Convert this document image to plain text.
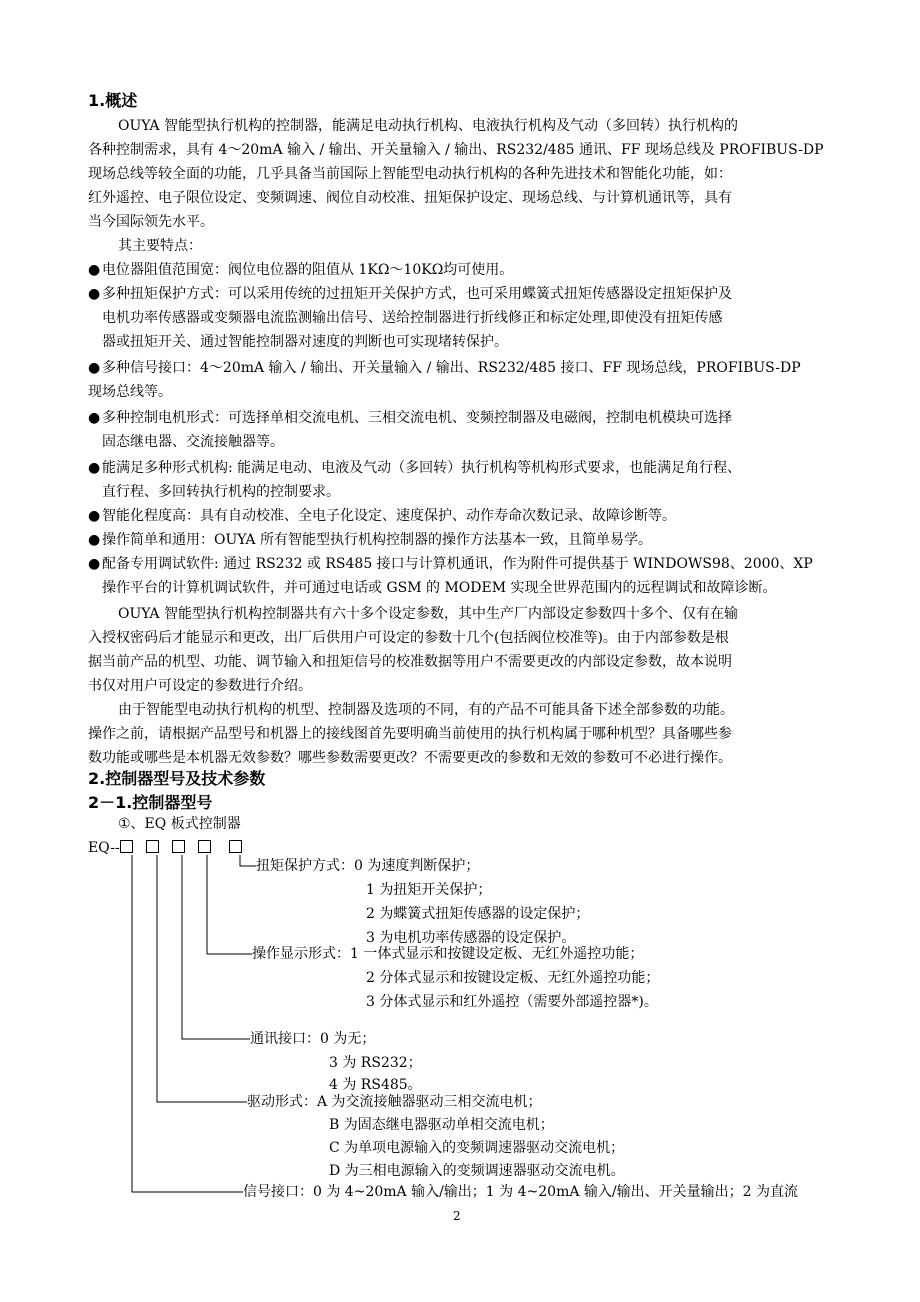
1.概述
OUYA 智能型执行机构的控制器，能满足电动执行机构、电液执行机构及气动（多回转）执行机构的
各种控制需求，具有 4～20mA 输入 / 输出、开关量输入 / 输出、RS232/485 通讯、FF 现场总线及 PROFIBUS-DP
现场总线等较全面的功能，几乎具备当前国际上智能型电动执行机构的各种先进技术和智能化功能，如：
红外遥控、电子限位设定、变频调速、阀位自动校准、扭矩保护设定、现场总线、与计算机通讯等，具有
当今国际领先水平。
其主要特点：
● 电位器阻值范围宽：阀位电位器的阻值从 1KΩ～10KΩ均可使用。
● 多种扭矩保护方式：可以采用传统的过扭矩开关保护方式，也可采用蝶簧式扭矩传感器设定扭矩保护及
电机功率传感器或变频器电流监测输出信号、送给控制器进行折线修正和标定处理,即使没有扭矩传感
器或扭矩开关、通过智能控制器对速度的判断也可实现堵转保护。
● 多种信号接口：4～20mA 输入 / 输出、开关量输入 / 输出、RS232/485 接口、FF 现场总线，PROFIBUS-DP
现场总线等。
● 多种控制电机形式：可选择单相交流电机、三相交流电机、变频控制器及电磁阀，控制电机模块可选择
固态继电器、交流接触器等。
● 能满足多种形式机构: 能满足电动、电液及气动（多回转）执行机构等机构形式要求，也能满足角行程、
直行程、多回转执行机构的控制要求。
● 智能化程度高：具有自动校准、全电子化设定、速度保护、动作寿命次数记录、故障诊断等。
● 操作简单和通用：OUYA 所有智能型执行机构控制器的操作方法基本一致，且简单易学。
● 配备专用调试软件: 通过 RS232 或 RS485 接口与计算机通讯，作为附件可提供基于 WINDOWS98、2000、XP
操作平台的计算机调试软件，并可通过电话或 GSM 的 MODEM 实现全世界范围内的远程调试和故障诊断。
OUYA 智能型执行机构控制器共有六十多个设定参数，其中生产厂内部设定参数四十多个、仅有在输
入授权密码后才能显示和更改，出厂后供用户可设定的参数十几个(包括阀位校准等)。由于内部参数是根
据当前产品的机型、功能、调节输入和扭矩信号的校准数据等用户不需要更改的内部设定参数，故本说明
书仅对用户可设定的参数进行介绍。
由于智能型电动执行机构的机型、控制器及选项的不同，有的产品不可能具备下述全部参数的功能。
操作之前，请根据产品型号和机器上的接线图首先要明确当前使用的执行机构属于哪种机型？具备哪些参
数功能或哪些是本机器无效参数？哪些参数需要更改？不需要更改的参数和无效的参数可不必进行操作。
2.控制器型号及技术参数
2－1.控制器型号
①、EQ 板式控制器
EQ--
扭矩保护方式：0 为速度判断保护；
1 为扭矩开关保护；
2 为蝶簧式扭矩传感器的设定保护；
3 为电机功率传感器的设定保护。
操作显示形式：1 一体式显示和按键设定板、无红外遥控功能；
2 分体式显示和按键设定板、无红外遥控功能；
3 分体式显示和红外遥控（需要外部遥控器*)。
通讯接口：0 为无；
3 为 RS232；
4 为 RS485。
驱动形式：A 为交流接触器驱动三相交流电机；
B 为固态继电器驱动单相交流电机；
C 为单项电源输入的变频调速器驱动交流电机；
D 为三相电源输入的变频调速器驱动交流电机。
信号接口：0 为 4~20mA 输入/输出；1 为 4~20mA 输入/输出、开关量输出；2 为直流
2
